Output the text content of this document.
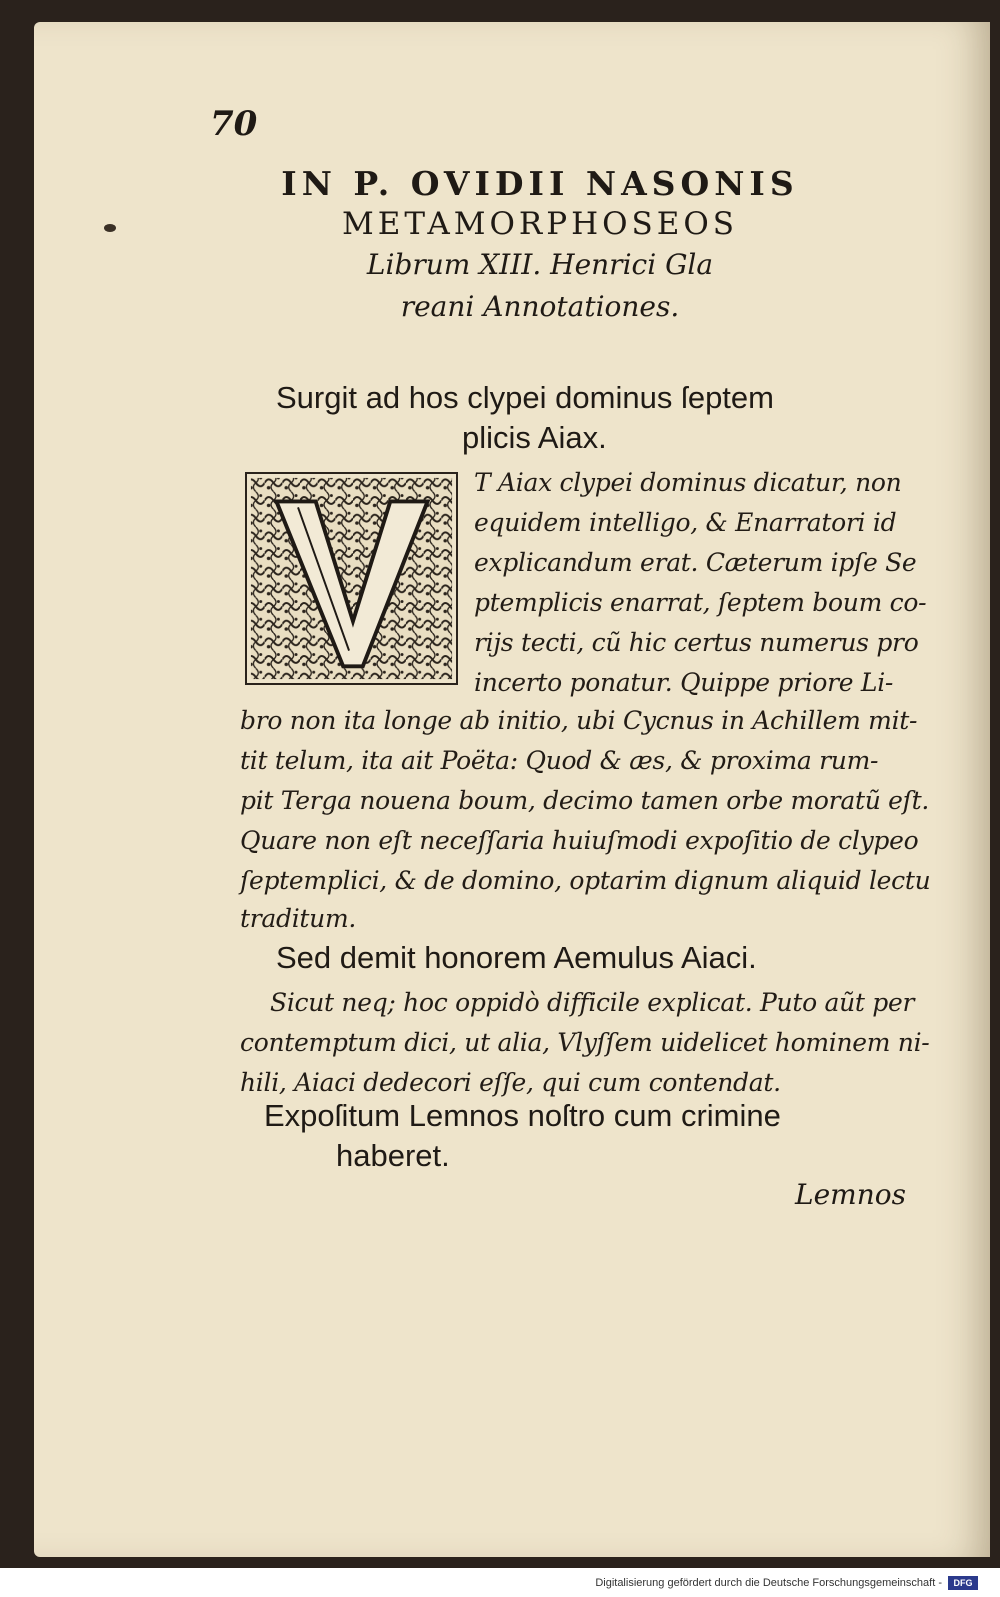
70
IN P. OVIDII NASONIS
METAMORPHOSEOS
Librum XIII. Henrici Gla
reani Annotationes.
Surgit ad hos clypei dominus ſeptem
plicis Aiax.
T Aiax clypei dominus dicatur, non
equidem intelligo, & Enarratori id
explicandum erat. Cæterum ipſe Se
ptemplicis enarrat, ſeptem boum co-
rijs tecti, cũ hic certus numerus pro
incerto ponatur. Quippe priore Li-
bro non ita longe ab initio, ubi Cycnus in Achillem mit-
tit telum, ita ait Poëta: Quod & æs, & proxima rum-
pit Terga nouena boum, decimo tamen orbe moratũ eſt.
Quare non eſt neceſſaria huiuſmodi expoſitio de clypeo
ſeptemplici, & de domino, optarim dignum aliquid lectu
traditum.
Sed demit honorem Aemulus Aiaci.
Sicut neq; hoc oppidò difficile explicat. Puto aũt per
contemptum dici, ut alia, Vlyſſem uidelicet hominem ni-
hili, Aiaci dedecori eſſe, qui cum contendat.
Expoſitum Lemnos noſtro cum crimine
haberet.
Lemnos
Digitalisierung gefördert durch die Deutsche Forschungsgemeinschaft -	DFG
